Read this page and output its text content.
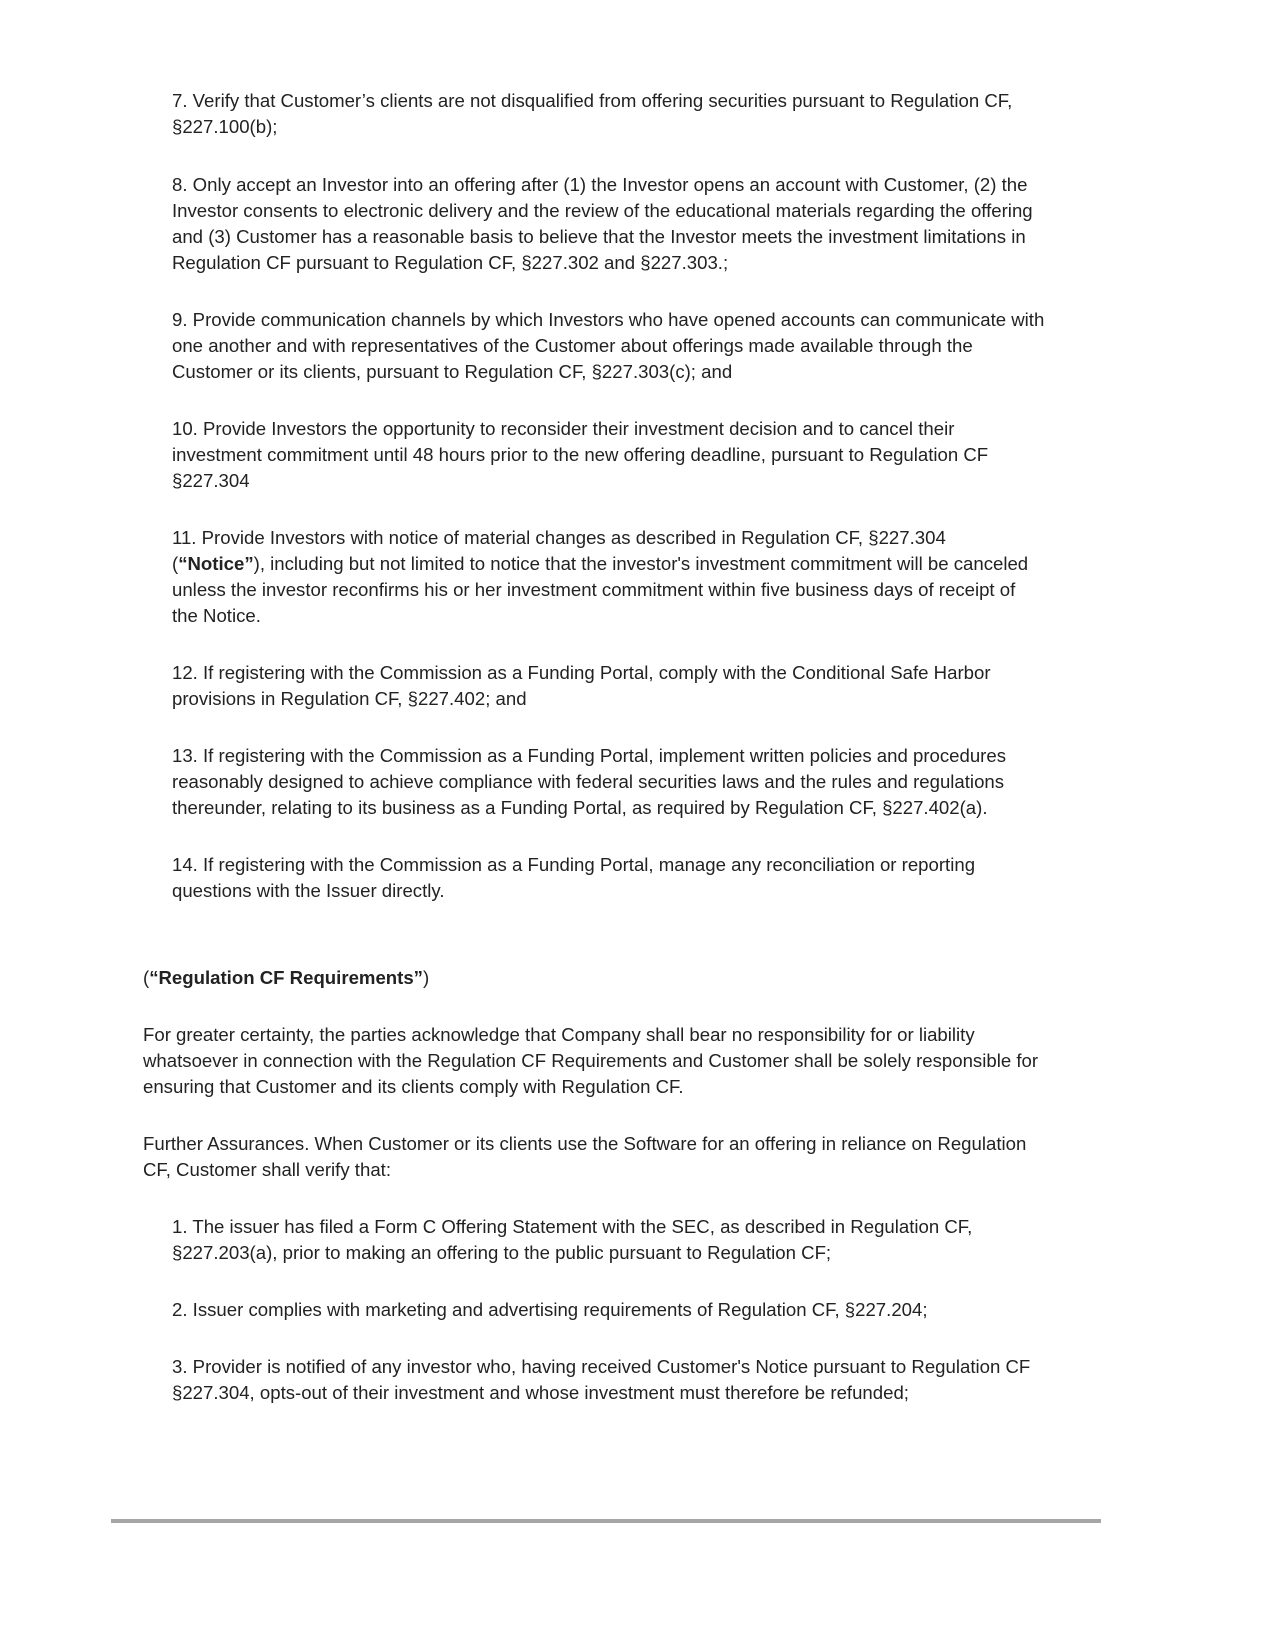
7. Verify that Customer’s clients are not disqualified from offering securities pursuant to Regulation CF,
§227.100(b);
8. Only accept an Investor into an offering after (1) the Investor opens an account with Customer, (2) the
Investor consents to electronic delivery and the review of the educational materials regarding the offering
and (3) Customer has a reasonable basis to believe that the Investor meets the investment limitations in
Regulation CF pursuant to Regulation CF, §227.302 and §227.303.;
9. Provide communication channels by which Investors who have opened accounts can communicate with
one another and with representatives of the Customer about offerings made available through the
Customer or its clients, pursuant to Regulation CF, §227.303(c); and
10. Provide Investors the opportunity to reconsider their investment decision and to cancel their
investment commitment until 48 hours prior to the new offering deadline, pursuant to Regulation CF
§227.304
11. Provide Investors with notice of material changes as described in Regulation CF, §227.304
(“Notice”), including but not limited to notice that the investor's investment commitment will be canceled
unless the investor reconfirms his or her investment commitment within five business days of receipt of
the Notice.
12. If registering with the Commission as a Funding Portal, comply with the Conditional Safe Harbor
provisions in Regulation CF, §227.402; and
13. If registering with the Commission as a Funding Portal, implement written policies and procedures
reasonably designed to achieve compliance with federal securities laws and the rules and regulations
thereunder, relating to its business as a Funding Portal, as required by Regulation CF, §227.402(a).
14. If registering with the Commission as a Funding Portal, manage any reconciliation or reporting
questions with the Issuer directly.
(“Regulation CF Requirements”)
For greater certainty, the parties acknowledge that Company shall bear no responsibility for or liability
whatsoever in connection with the Regulation CF Requirements and Customer shall be solely responsible for
ensuring that Customer and its clients comply with Regulation CF.
Further Assurances. When Customer or its clients use the Software for an offering in reliance on Regulation
CF, Customer shall verify that:
1. The issuer has filed a Form C Offering Statement with the SEC, as described in Regulation CF,
§227.203(a), prior to making an offering to the public pursuant to Regulation CF;
2. Issuer complies with marketing and advertising requirements of Regulation CF, §227.204;
3. Provider is notified of any investor who, having received Customer's Notice pursuant to Regulation CF
§227.304, opts-out of their investment and whose investment must therefore be refunded;
